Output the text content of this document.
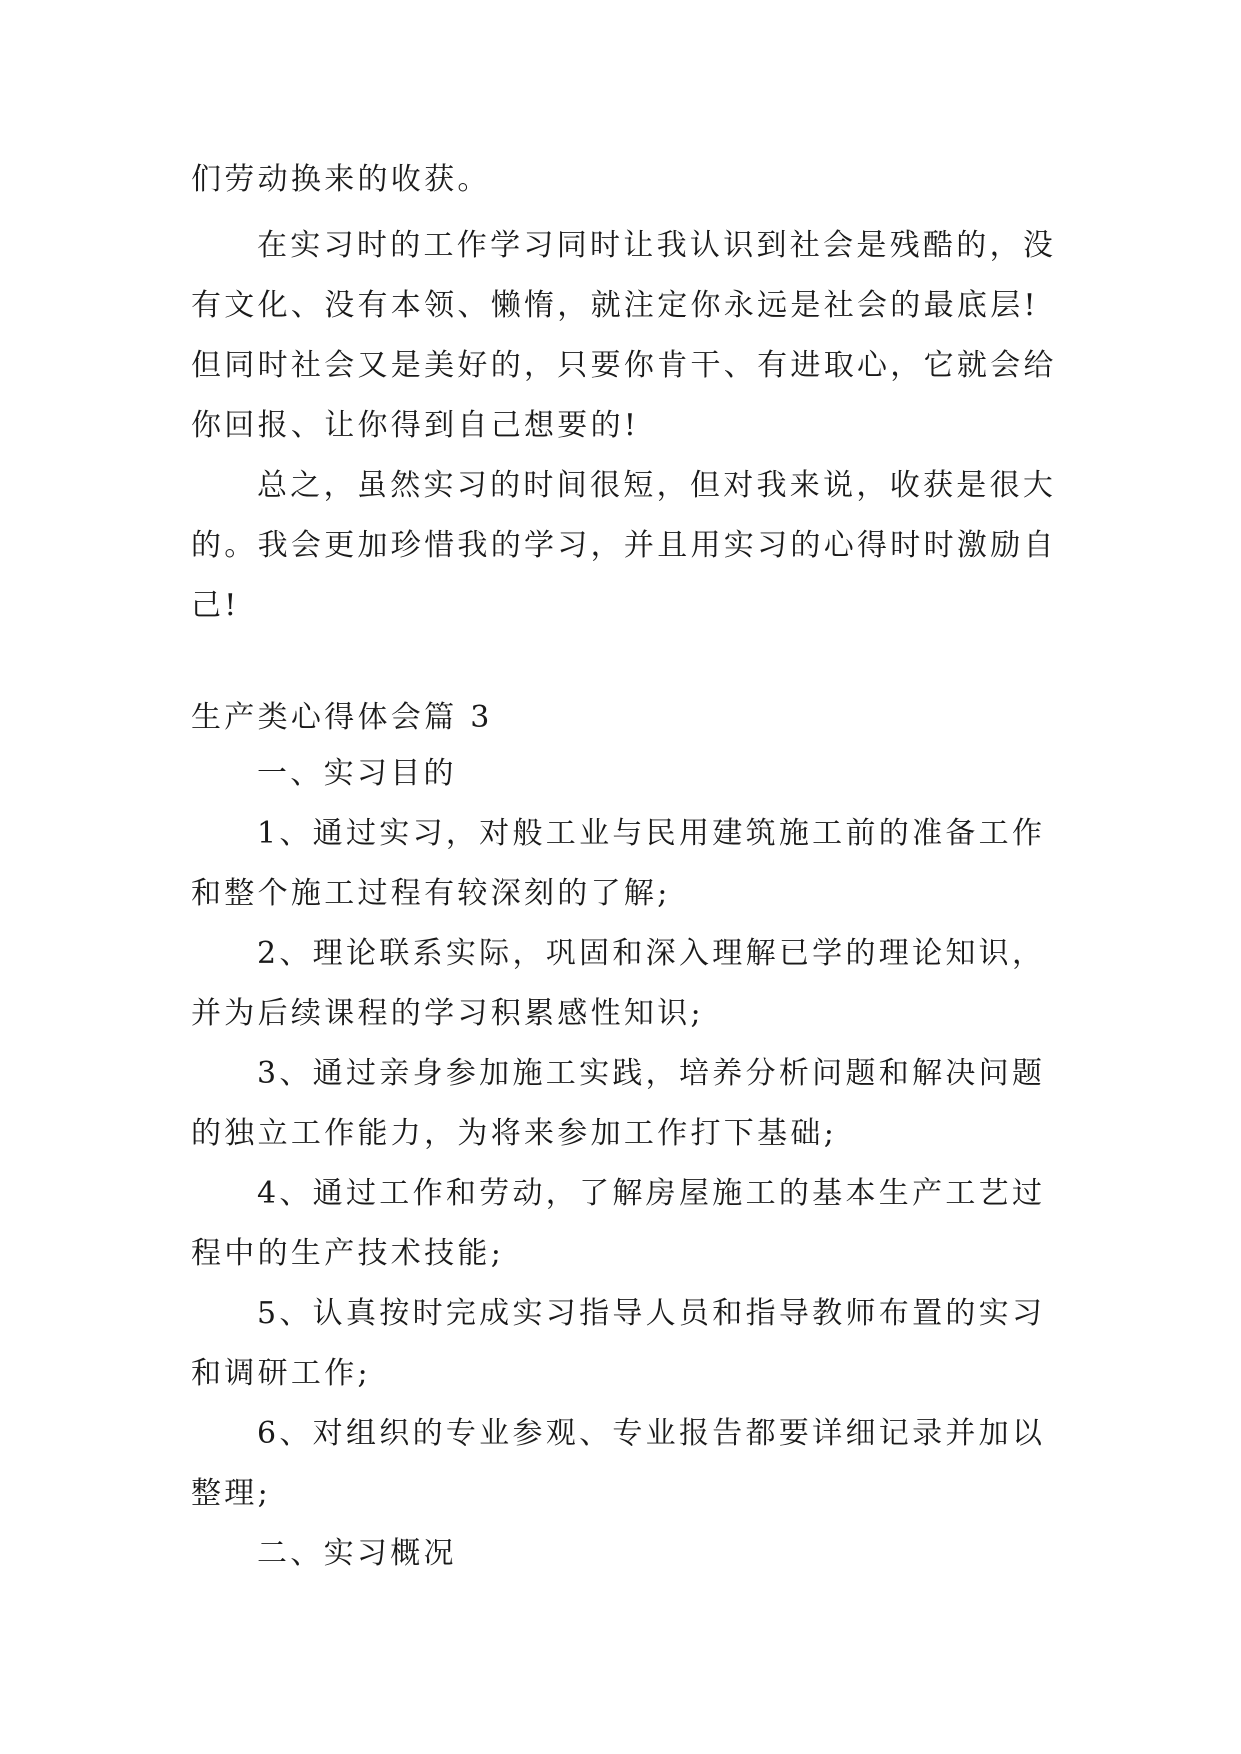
们劳动换来的收获。
在实习时的工作学习同时让我认识到社会是残酷的，没
有文化、没有本领、懒惰，就注定你永远是社会的最底层!
但同时社会又是美好的，只要你肯干、有进取心，它就会给
你回报、让你得到自己想要的!
总之，虽然实习的时间很短，但对我来说，收获是很大
的。我会更加珍惜我的学习，并且用实习的心得时时激励自
己!
生产类心得体会篇 3
一、实习目的
1、通过实习，对般工业与民用建筑施工前的准备工作
和整个施工过程有较深刻的了解;
2、理论联系实际，巩固和深入理解已学的理论知识，
并为后续课程的学习积累感性知识;
3、通过亲身参加施工实践，培养分析问题和解决问题
的独立工作能力，为将来参加工作打下基础;
4、通过工作和劳动，了解房屋施工的基本生产工艺过
程中的生产技术技能;
5、认真按时完成实习指导人员和指导教师布置的实习
和调研工作;
6、对组织的专业参观、专业报告都要详细记录并加以
整理;
二、实习概况
